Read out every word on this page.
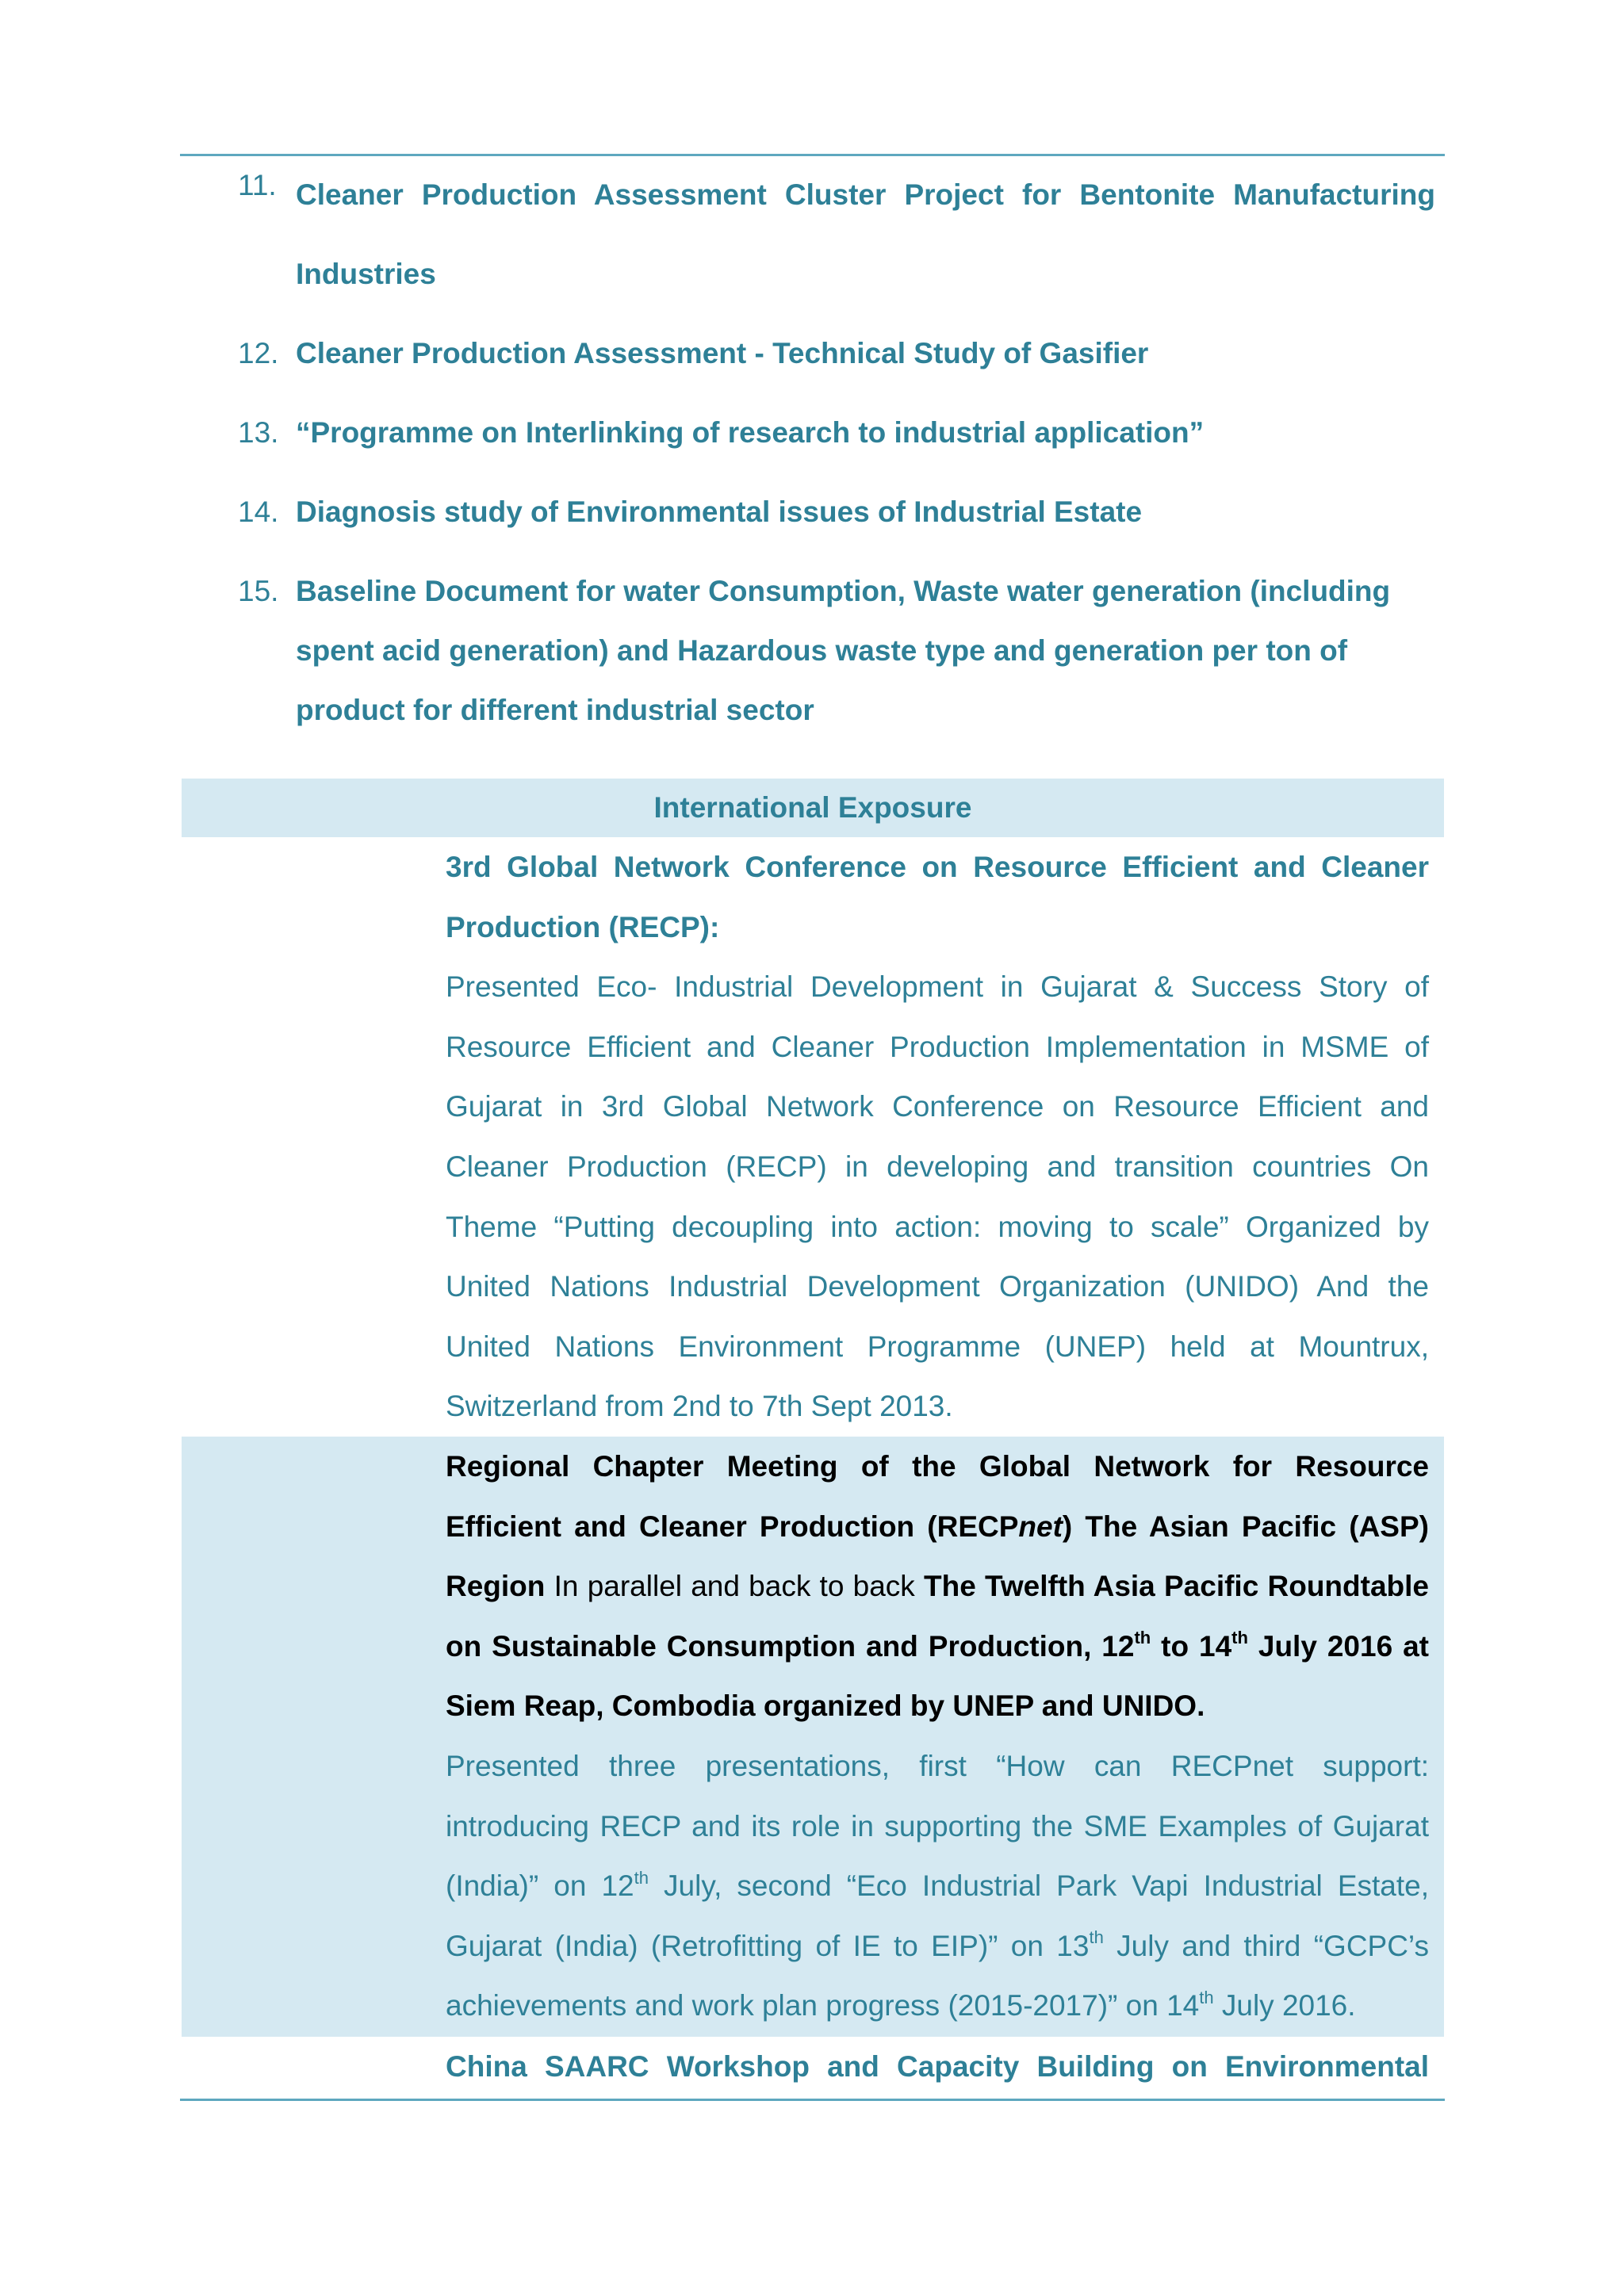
11. Cleaner Production Assessment Cluster Project for Bentonite Manufacturing Industries
12. Cleaner Production Assessment - Technical Study of Gasifier
13. “Programme on Interlinking of research to industrial application”
14. Diagnosis study of Environmental issues of Industrial Estate
15. Baseline Document for water Consumption, Waste water generation (including spent acid generation) and Hazardous waste type and generation per ton of product for different industrial sector
International Exposure
3rd Global Network Conference on Resource Efficient and Cleaner Production (RECP):
Presented Eco- Industrial Development in Gujarat & Success Story of Resource Efficient and Cleaner Production Implementation in MSME of Gujarat in 3rd Global Network Conference on Resource Efficient and Cleaner Production (RECP) in developing and transition countries On Theme “Putting decoupling into action: moving to scale” Organized by United Nations Industrial Development Organization (UNIDO) And the United Nations Environment Programme (UNEP) held at Mountrux, Switzerland from 2nd to 7th Sept 2013.
Regional Chapter Meeting of the Global Network for Resource Efficient and Cleaner Production (RECPnet) The Asian Pacific (ASP) Region In parallel and back to back The Twelfth Asia Pacific Roundtable on Sustainable Consumption and Production, 12th to 14th July 2016 at Siem Reap, Combodia organized by UNEP and UNIDO.
Presented three presentations, first “How can RECPnet support: introducing RECP and its role in supporting the SME Examples of Gujarat (India)” on 12th July, second “Eco Industrial Park Vapi Industrial Estate, Gujarat (India) (Retrofitting of IE to EIP)” on 13th July and third “GCPC’s achievements and work plan progress (2015-2017)” on 14th July 2016.
China SAARC Workshop and Capacity Building on Environmental
